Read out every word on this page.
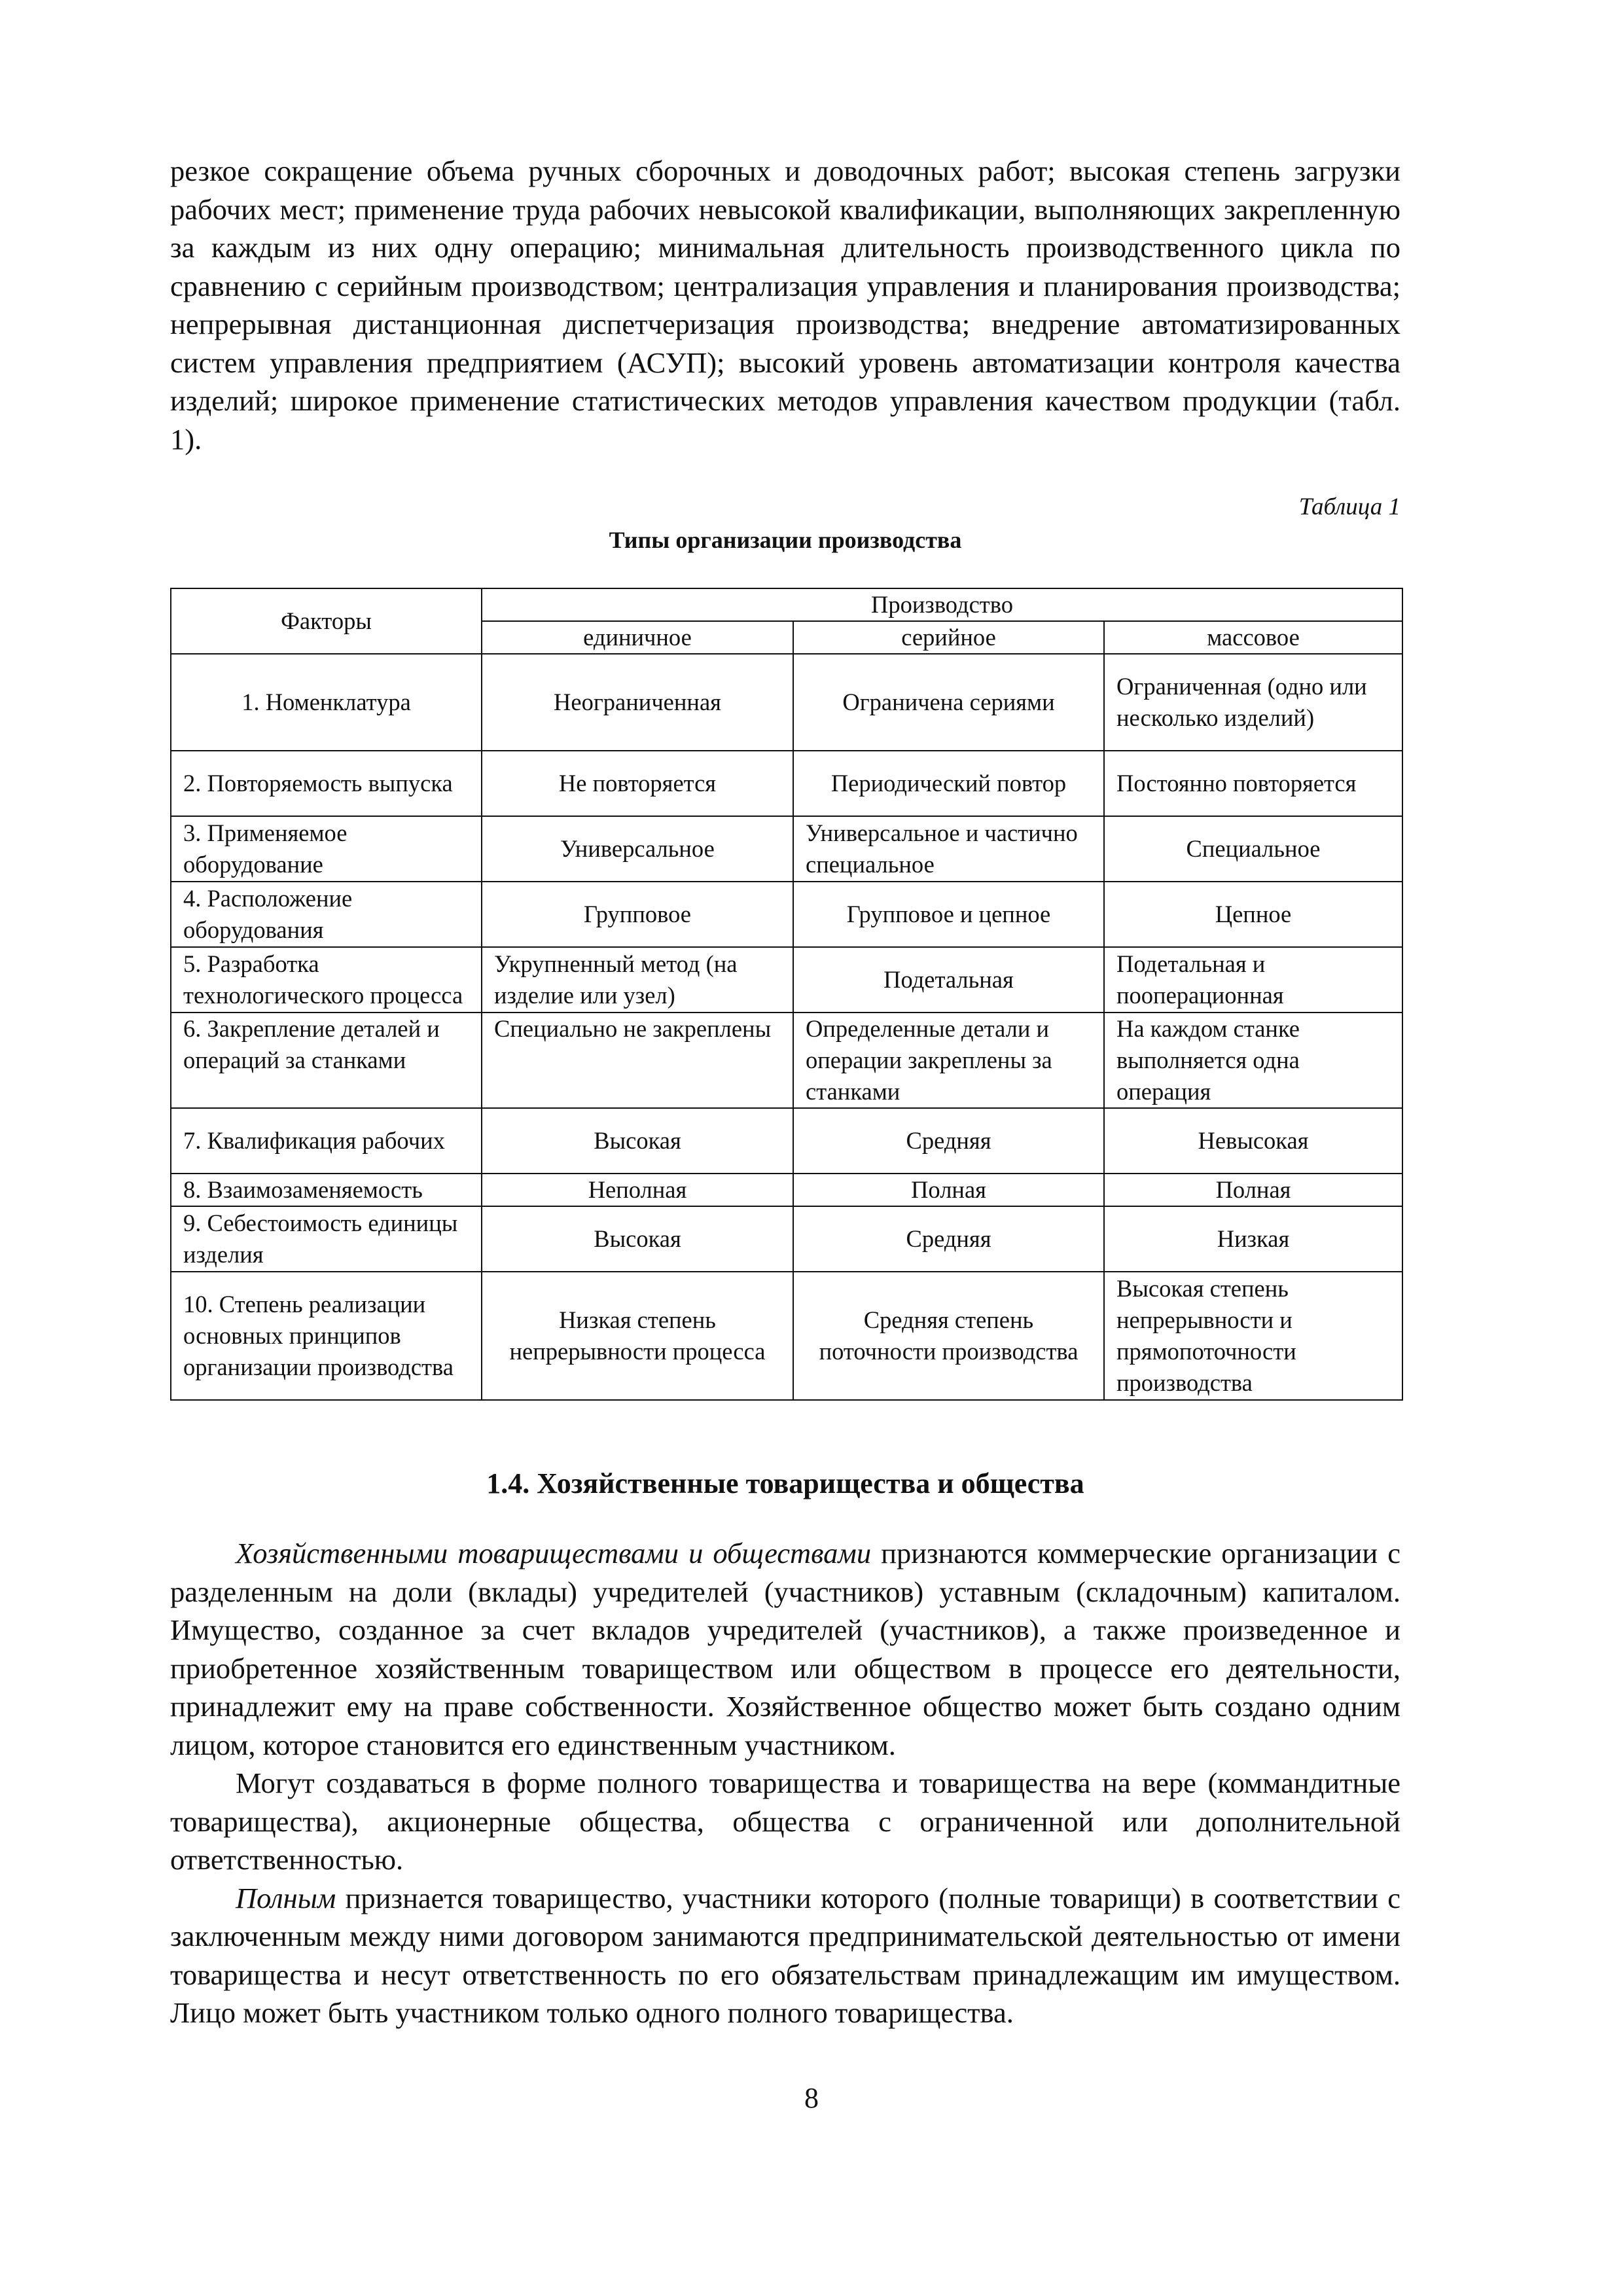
резкое сокращение объема ручных сборочных и доводочных работ; высокая степень загрузки рабочих мест; применение труда рабочих невысокой квалификации, выполняющих закрепленную за каждым из них одну операцию; минимальная длительность производственного цикла по сравнению с серийным производством; централизация управления и планирования производства; непрерывная дистанционная диспетчеризация производства; внедрение автоматизированных систем управления предприятием (АСУП); высокий уровень автоматизации контроля качества изделий; широкое применение статистических методов управления качеством продукции (табл. 1).

Таблица 1
Типы организации производства
Факторы	Производство		
	единичное	серийное	массовое
1. Номенклатура	Неограниченная	Ограничена сериями	Ограниченная (одно или несколько изделий)
2. Повторяемость выпуска	Не повторяется	Периодический повтор	Постоянно повторяется
3. Применяемое оборудование	Универсальное	Универсальное и частично специальное	Специальное
4. Расположение оборудования	Групповое	Групповое и цепное	Цепное
5. Разработка технологического процесса	Укрупненный метод (на изделие или узел)	Подетальная	Подетальная и пооперационная
6. Закрепление деталей и операций за станками	Специально не закреплены	Определенные детали и операции закреплены за станками	На каждом станке выполняется одна операция
7. Квалификация рабочих	Высокая	Средняя	Невысокая
8. Взаимозаменяемость	Неполная	Полная	Полная
9. Себестоимость единицы изделия	Высокая	Средняя	Низкая
10. Степень реализации основных принципов организации производства	Низкая степень непрерывности процесса	Средняя степень поточности производства	Высокая степень непрерывности и прямопоточности производства
1.4. Хозяйственные товарищества и общества

Хозяйственными товариществами и обществами признаются коммерческие организации с разделенным на доли (вклады) учредителей (участников) уставным (складочным) капиталом. Имущество, созданное за счет вкладов учредителей (участников), а также произведенное и приобретенное хозяйственным товариществом или обществом в процессе его деятельности, принадлежит ему на праве собственности. Хозяйственное общество может быть создано одним лицом, которое становится его единственным участником.

Могут создаваться в форме полного товарищества и товарищества на вере (коммандитные товарищества), акционерные общества, общества с ограниченной или дополнительной ответственностью.

Полным признается товарищество, участники которого (полные товарищи) в соответствии с заключенным между ними договором занимаются предпринимательской деятельностью от имени товарищества и несут ответственность по его обязательствам принадлежащим им имуществом. Лицо может быть участником только одного полного товарищества.

8
